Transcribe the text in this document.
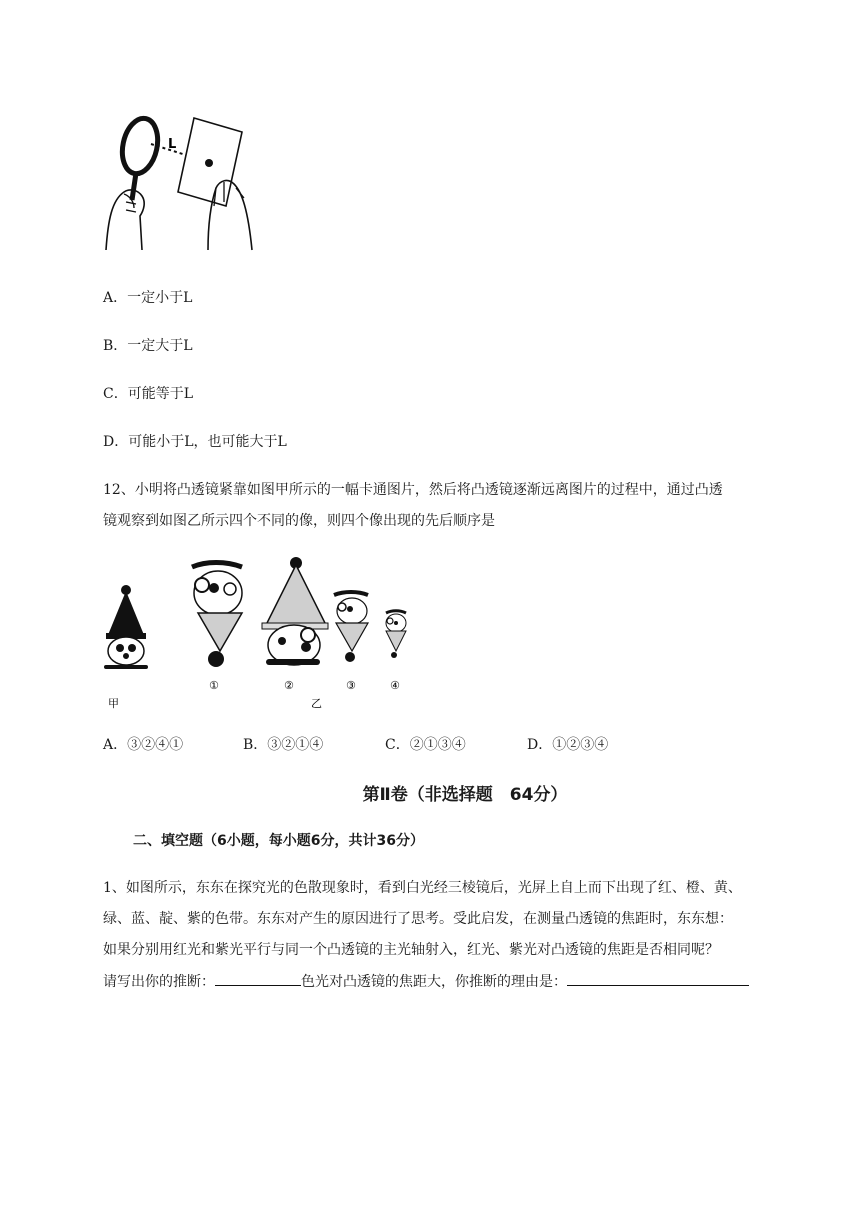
L
A．一定小于L
B．一定大于L
C．可能等于L
D．可能小于L，也可能大于L
12、小明将凸透镜紧靠如图甲所示的一幅卡通图片，然后将凸透镜逐渐远离图片的过程中，通过凸透
镜观察到如图乙所示四个不同的像，则四个像出现的先后顺序是
甲
①	②	③	④
乙
A．③②④①	B．③②①④	C．②①③④	D．①②③④
第Ⅱ卷（非选择题　64分）
二、填空题（6小题，每小题6分，共计36分）
1、如图所示，东东在探究光的色散现象时，看到白光经三棱镜后，光屏上自上而下出现了红、橙、黄、
绿、蓝、靛、紫的色带。东东对产生的原因进行了思考。受此启发，在测量凸透镜的焦距时，东东想：
如果分别用红光和紫光平行与同一个凸透镜的主光轴射入，红光、紫光对凸透镜的焦距是否相同呢？
请写出你的推断：	色光对凸透镜的焦距大，你推断的理由是：
